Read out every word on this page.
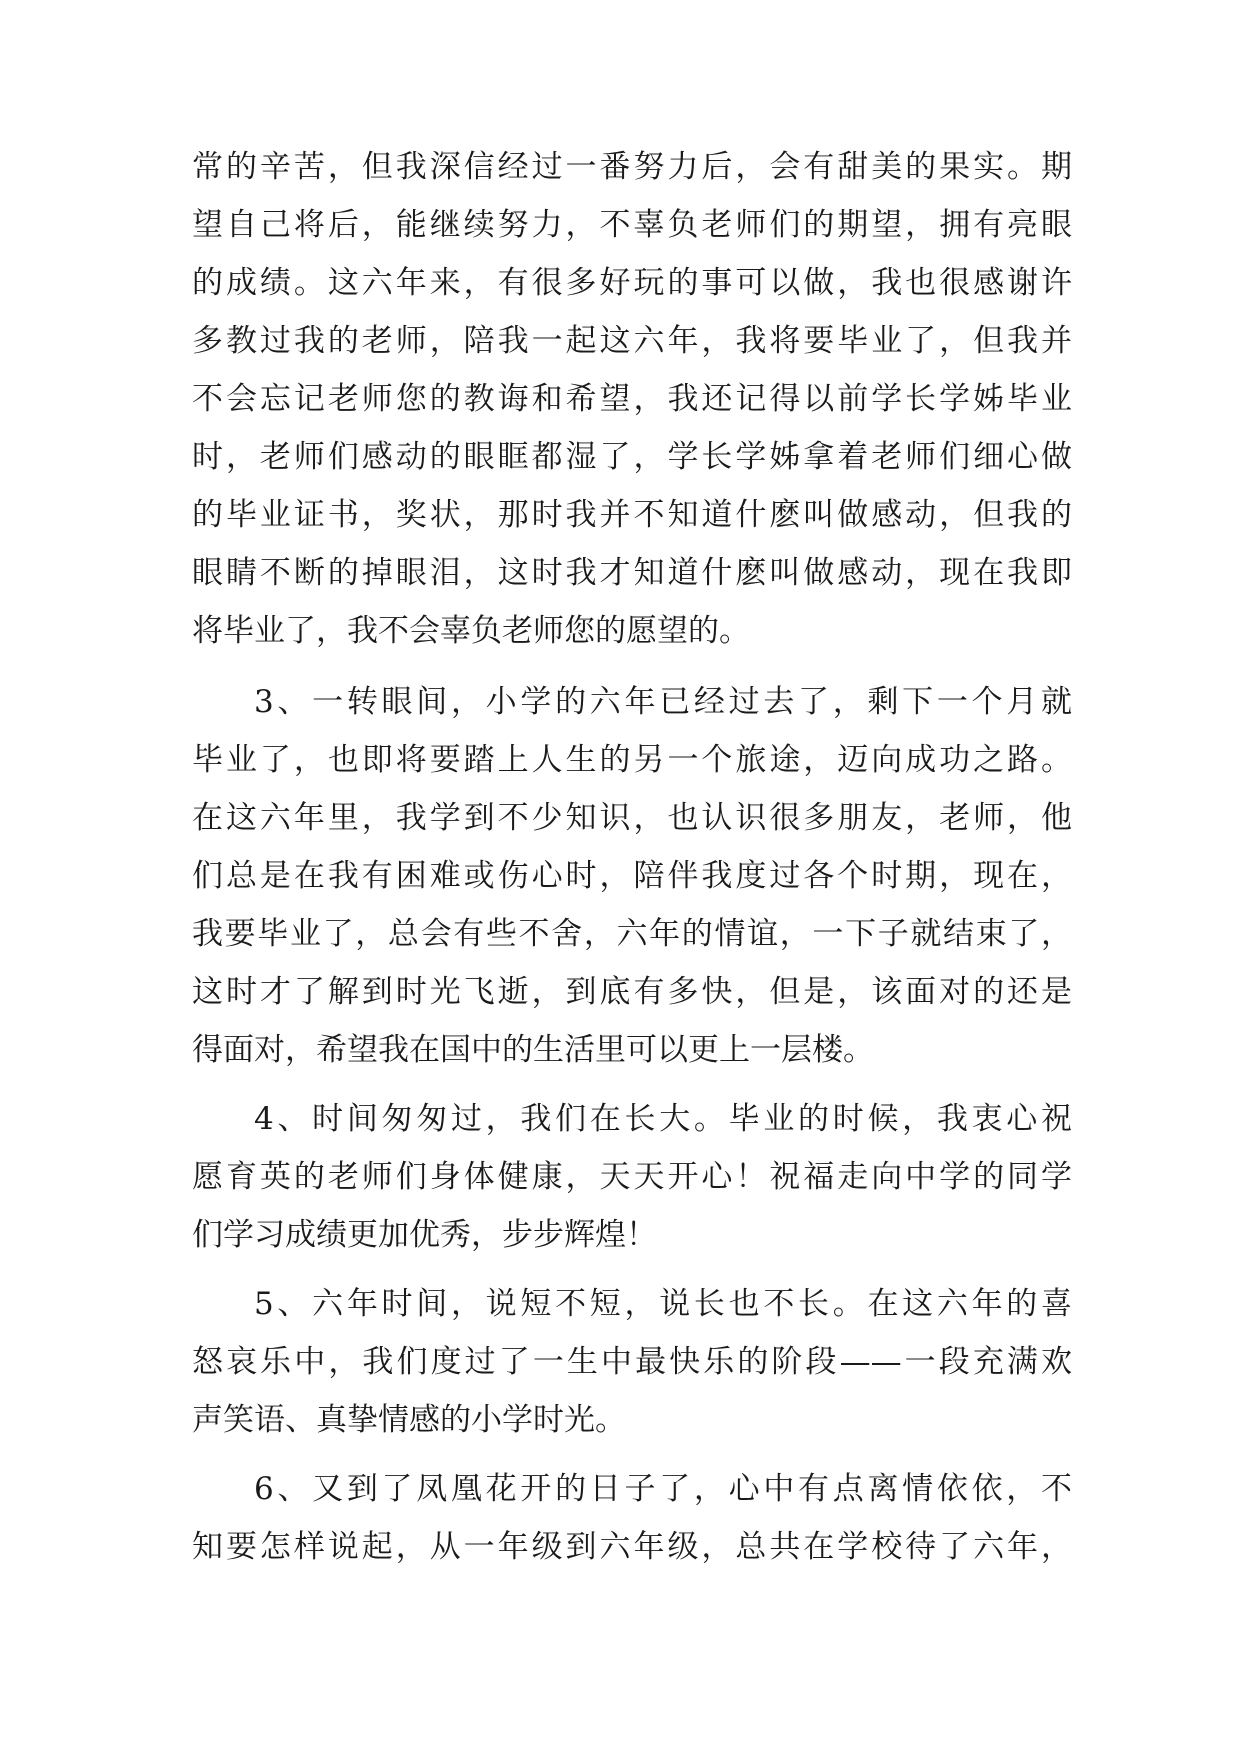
常的辛苦，但我深信经过一番努力后，会有甜美的果实。期
望自己将后，能继续努力，不辜负老师们的期望，拥有亮眼
的成绩。这六年来，有很多好玩的事可以做，我也很感谢许
多教过我的老师，陪我一起这六年，我将要毕业了，但我并
不会忘记老师您的教诲和希望，我还记得以前学长学姊毕业
时，老师们感动的眼眶都湿了，学长学姊拿着老师们细心做
的毕业证书，奖状，那时我并不知道什麽叫做感动，但我的
眼睛不断的掉眼泪，这时我才知道什麽叫做感动，现在我即
将毕业了，我不会辜负老师您的愿望的。
3、一转眼间，小学的六年已经过去了，剩下一个月就
毕业了，也即将要踏上人生的另一个旅途，迈向成功之路。
在这六年里，我学到不少知识，也认识很多朋友，老师，他
们总是在我有困难或伤心时，陪伴我度过各个时期，现在，
我要毕业了，总会有些不舍，六年的情谊，一下子就结束了，
这时才了解到时光飞逝，到底有多快，但是，该面对的还是
得面对，希望我在国中的生活里可以更上一层楼。
4、时间匆匆过，我们在长大。毕业的时候，我衷心祝
愿育英的老师们身体健康，天天开心！祝福走向中学的同学
们学习成绩更加优秀，步步辉煌！
5、六年时间，说短不短，说长也不长。在这六年的喜
怒哀乐中，我们度过了一生中最快乐的阶段——一段充满欢
声笑语、真挚情感的小学时光。
6、又到了凤凰花开的日子了，心中有点离情依依，不
知要怎样说起，从一年级到六年级，总共在学校待了六年，
